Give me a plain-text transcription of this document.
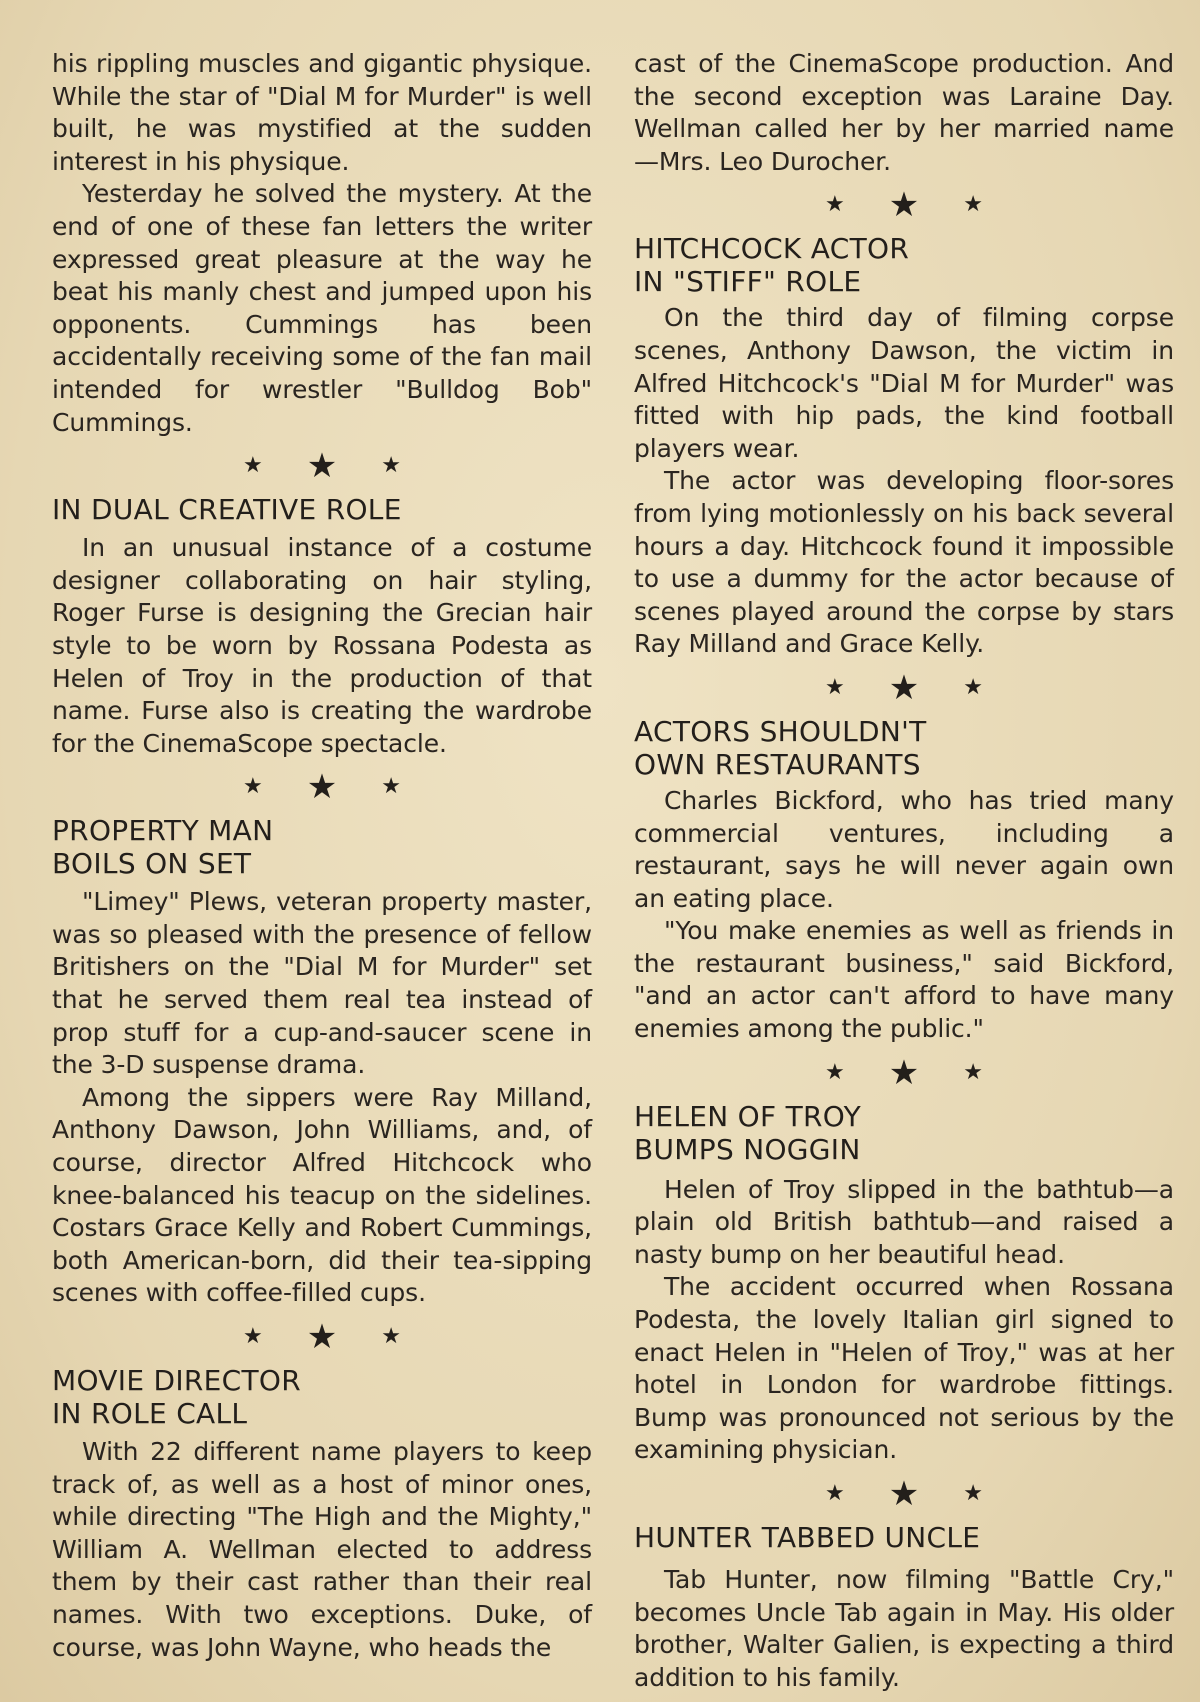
his rippling muscles and gigantic physique. While the star of "Dial M for Murder" is well built, he was mystified at the sudden interest in his physique.

Yesterday he solved the mystery. At the end of one of these fan letters the writer expressed great pleasure at the way he beat his manly chest and jumped upon his opponents. Cummings has been accidentally receiving some of the fan mail intended for wrestler "Bulldog Bob" Cummings.

★ ★ ★
IN DUAL CREATIVE ROLE

In an unusual instance of a costume designer collaborating on hair styling, Roger Furse is designing the Grecian hair style to be worn by Rossana Podesta as Helen of Troy in the production of that name. Furse also is creating the wardrobe for the CinemaScope spectacle.

★ ★ ★
PROPERTY MAN
BOILS ON SET

"Limey" Plews, veteran property master, was so pleased with the presence of fellow Britishers on the "Dial M for Murder" set that he served them real tea instead of prop stuff for a cup-and-saucer scene in the 3-D suspense drama.

Among the sippers were Ray Milland, Anthony Dawson, John Williams, and, of course, director Alfred Hitchcock who knee-balanced his teacup on the sidelines. Costars Grace Kelly and Robert Cummings, both American-born, did their tea-sipping scenes with coffee-filled cups.

★ ★ ★
MOVIE DIRECTOR
IN ROLE CALL

With 22 different name players to keep track of, as well as a host of minor ones, while directing "The High and the Mighty," William A. Wellman elected to address them by their cast rather than their real names. With two exceptions. Duke, of course, was John Wayne, who heads the

cast of the CinemaScope production. And the second exception was Laraine Day. Wellman called her by her married name —Mrs. Leo Durocher.

★ ★ ★
HITCHCOCK ACTOR
IN "STIFF" ROLE

On the third day of filming corpse scenes, Anthony Dawson, the victim in Alfred Hitchcock's "Dial M for Murder" was fitted with hip pads, the kind football players wear.

The actor was developing floor-sores from lying motionlessly on his back several hours a day. Hitchcock found it impossible to use a dummy for the actor because of scenes played around the corpse by stars Ray Milland and Grace Kelly.

★ ★ ★
ACTORS SHOULDN'T
OWN RESTAURANTS

Charles Bickford, who has tried many commercial ventures, including a restaurant, says he will never again own an eating place.

"You make enemies as well as friends in the restaurant business," said Bickford, "and an actor can't afford to have many enemies among the public."

★ ★ ★
HELEN OF TROY
BUMPS NOGGIN

Helen of Troy slipped in the bathtub—a plain old British bathtub—and raised a nasty bump on her beautiful head.

The accident occurred when Rossana Podesta, the lovely Italian girl signed to enact Helen in "Helen of Troy," was at her hotel in London for wardrobe fittings. Bump was pronounced not serious by the examining physician.

★ ★ ★
HUNTER TABBED UNCLE

Tab Hunter, now filming "Battle Cry," becomes Uncle Tab again in May. His older brother, Walter Galien, is expecting a third addition to his family.
